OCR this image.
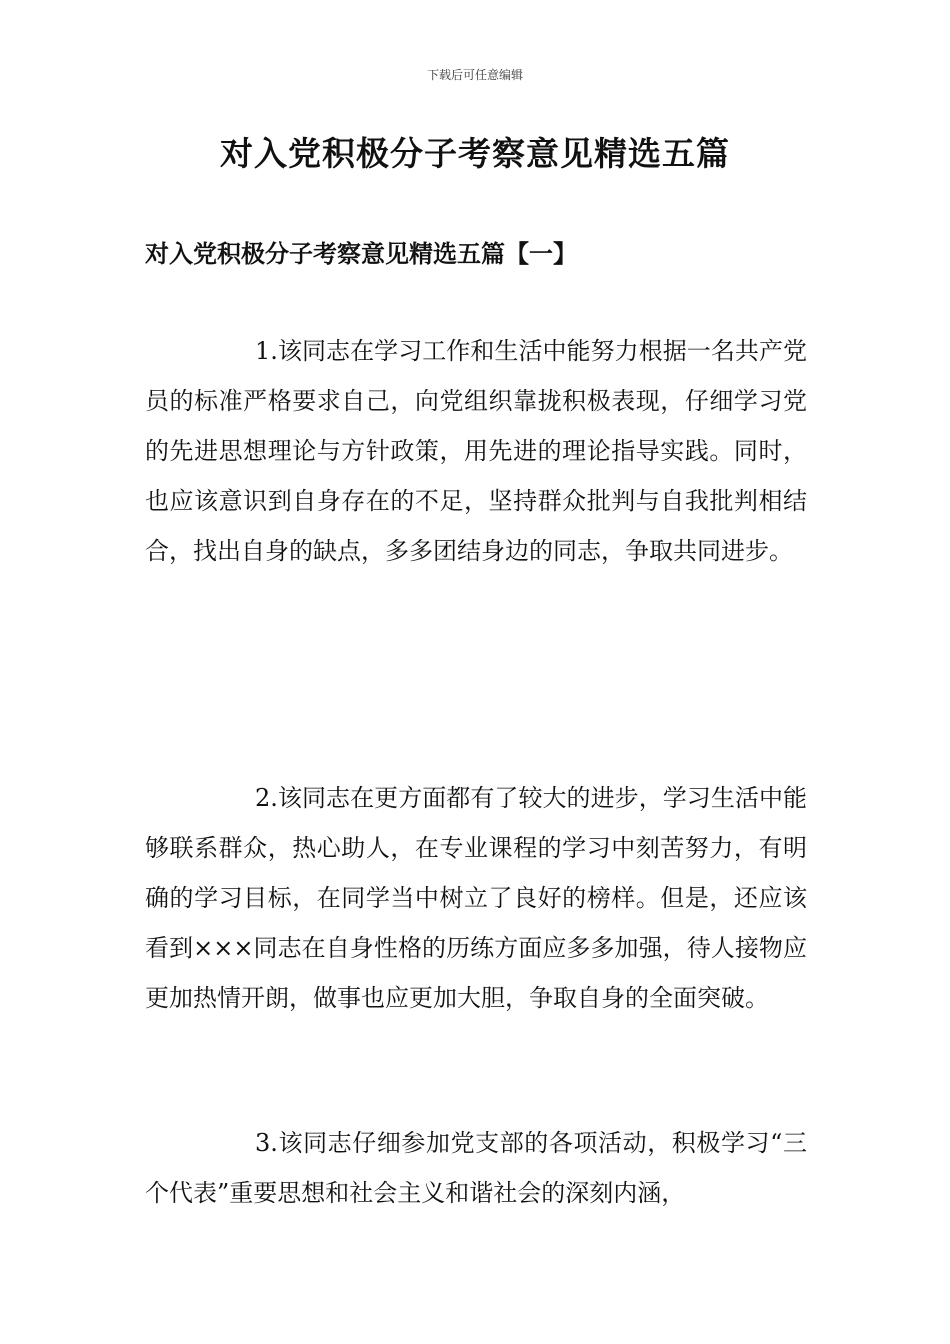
下载后可任意编辑
对入党积极分子考察意见精选五篇
对入党积极分子考察意见精选五篇【一】

1.该同志在学习工作和生活中能努力根据一名共产党员的标准严格要求自己，向党组织靠拢积极表现，仔细学习党的先进思想理论与方针政策，用先进的理论指导实践。同时，也应该意识到自身存在的不足，坚持群众批判与自我批判相结合，找出自身的缺点，多多团结身边的同志，争取共同进步。

2.该同志在更方面都有了较大的进步，学习生活中能够联系群众，热心助人，在专业课程的学习中刻苦努力，有明确的学习目标，在同学当中树立了良好的榜样。但是，还应该看到×××同志在自身性格的历练方面应多多加强，待人接物应更加热情开朗，做事也应更加大胆，争取自身的全面突破。

3.该同志仔细参加党支部的各项活动，积极学习“三个代表”重要思想和社会主义和谐社会的深刻内涵，
